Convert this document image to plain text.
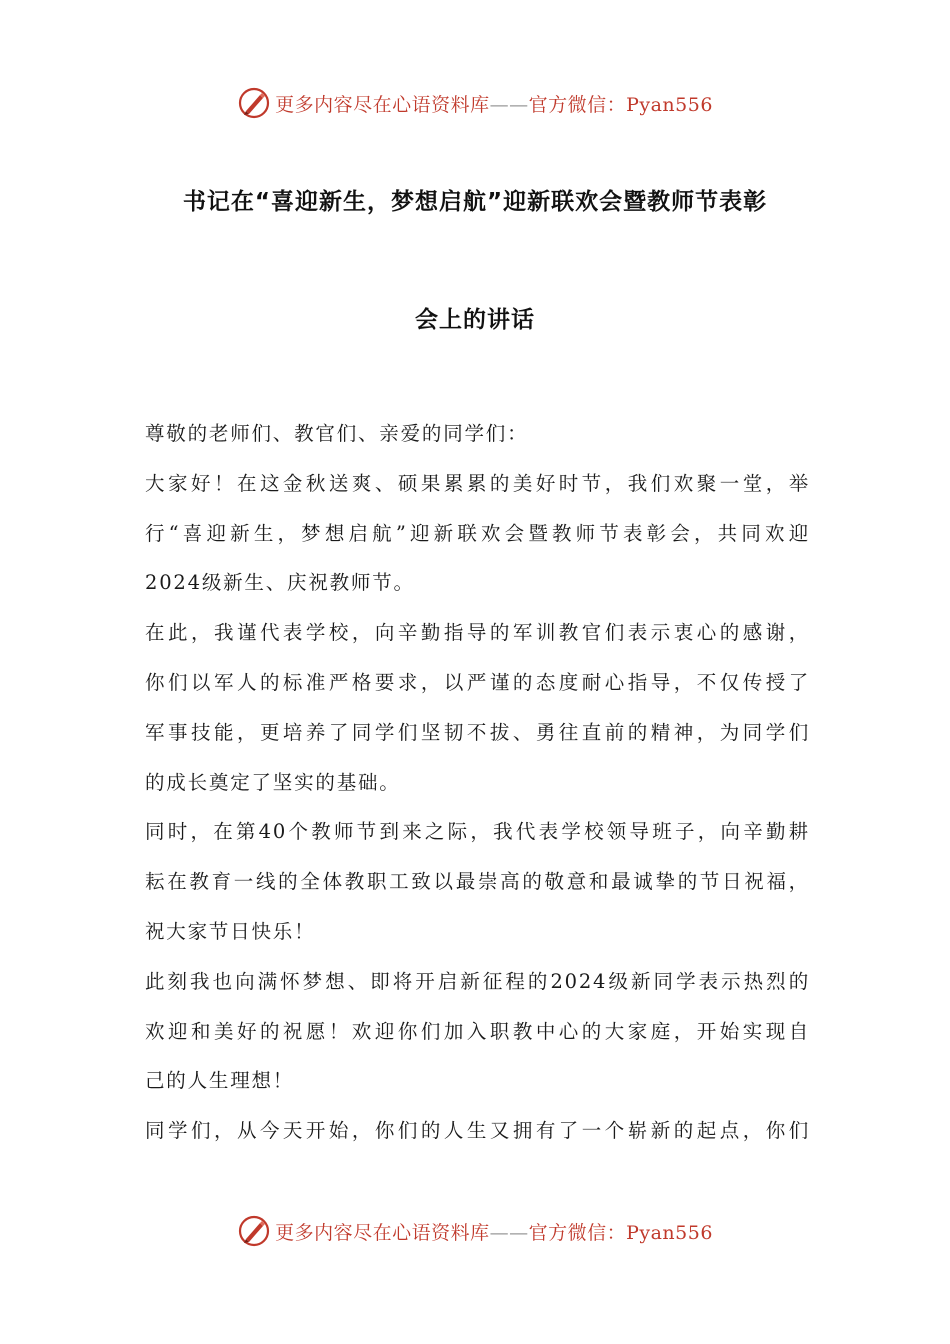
更多内容尽在心语资料库——官方微信：Pyan556
书记在“喜迎新生，梦想启航”迎新联欢会暨教师节表彰
会上的讲话
尊敬的老师们、教官们、亲爱的同学们：
大家好！在这金秋送爽、硕果累累的美好时节，我们欢聚一堂，举
行“喜迎新生，梦想启航”迎新联欢会暨教师节表彰会，共同欢迎
2024级新生、庆祝教师节。
在此，我谨代表学校，向辛勤指导的军训教官们表示衷心的感谢，
你们以军人的标准严格要求，以严谨的态度耐心指导，不仅传授了
军事技能，更培养了同学们坚韧不拔、勇往直前的精神，为同学们
的成长奠定了坚实的基础。
同时，在第40个教师节到来之际，我代表学校领导班子，向辛勤耕
耘在教育一线的全体教职工致以最崇高的敬意和最诚挚的节日祝福，
祝大家节日快乐！
此刻我也向满怀梦想、即将开启新征程的2024级新同学表示热烈的
欢迎和美好的祝愿！欢迎你们加入职教中心的大家庭，开始实现自
己的人生理想！
同学们，从今天开始，你们的人生又拥有了一个崭新的起点，你们
更多内容尽在心语资料库——官方微信：Pyan556
